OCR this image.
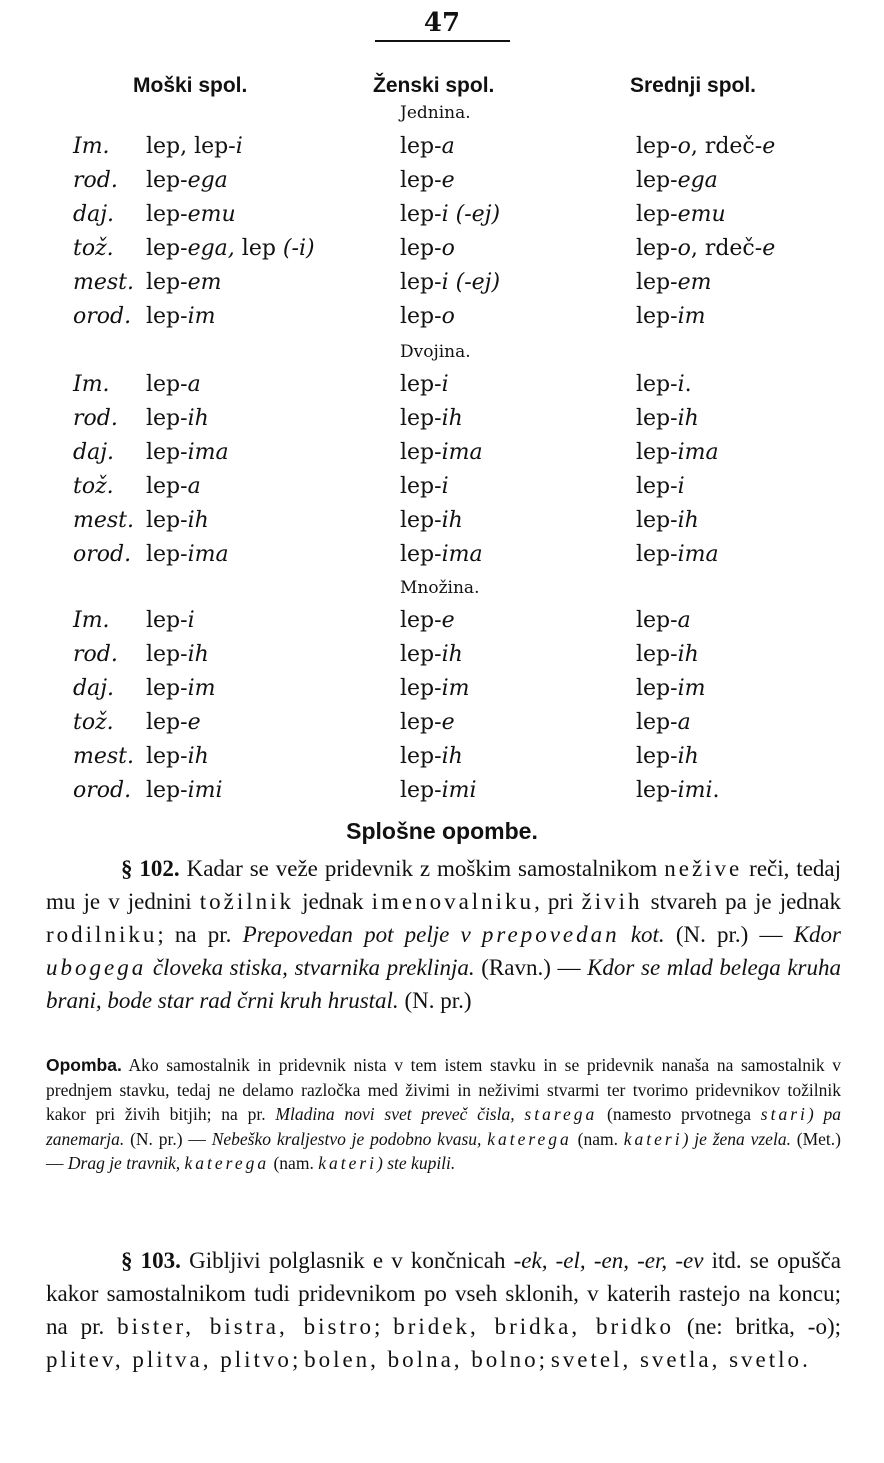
47
Moški spol.	Ženski spol.	Srednji spol.
Jednina.
Im. lep, lep-i	lep-a	lep-o, rdeč-e
rod. lep-ega	lep-e	lep-ega
daj. lep-emu	lep-i (-ej)	lep-emu
tož. lep-ega, lep (-i)	lep-o	lep-o, rdeč-e
mest. lep-em	lep-i (-ej)	lep-em
orod. lep-im	lep-o	lep-im
Dvojina.
Im. lep-a	lep-i	lep-i.
rod. lep-ih	lep-ih	lep-ih
daj. lep-ima	lep-ima	lep-ima
tož. lep-a	lep-i	lep-i
mest. lep-ih	lep-ih	lep-ih
orod. lep-ima	lep-ima	lep-ima
Množina.
Im. lep-i	lep-e	lep-a
rod. lep-ih	lep-ih	lep-ih
daj. lep-im	lep-im	lep-im
tož. lep-e	lep-e	lep-a
mest. lep-ih	lep-ih	lep-ih
orod. lep-imi	lep-imi	lep-imi.
Splošne opombe.
§ 102. Kadar se veže pridevnik z moškim samostalnikom nežive reči, tedaj mu je v jednini tožilnik jednak imenovalniku, pri živih stvareh pa je jednak rodilniku; na pr. Prepovedan pot pelje v prepovedan kot. (N. pr.) — Kdor ubogega človeka stiska, stvarnika preklinja. (Ravn.) — Kdor se mlad belega kruha brani, bode star rad črni kruh hrustal. (N. pr.)
Opomba. Ako samostalnik in pridevnik nista v tem istem stavku in se pridevnik nanaša na samostalnik v prednjem stavku, tedaj ne delamo razločka med živimi in neživimi stvarmi ter tvorimo pridevnikov tožilnik kakor pri živih bitjih; na pr. Mladina novi svet preveč čisla, starega (namesto prvotnega stari) pa zanemarja. (N. pr.) — Nebeško kraljestvo je podobno kvasu, katerega (nam. kateri) je žena vzela. (Met.) — Drag je travnik, katerega (nam. kateri) ste kupili.
§ 103. Gibljivi polglasnik e v končnicah -ek, -el, -en, -er, -ev itd. se opušča kakor samostalnikom tudi pridevnikom po vseh sklonih, v katerih rastejo na koncu; na pr. bister, bistra, bistro; bridek, bridka, bridko (ne: britka, -o); plitev, plitva, plitvo; bolen, bolna, bolno; svetel, svetla, svetlo.
